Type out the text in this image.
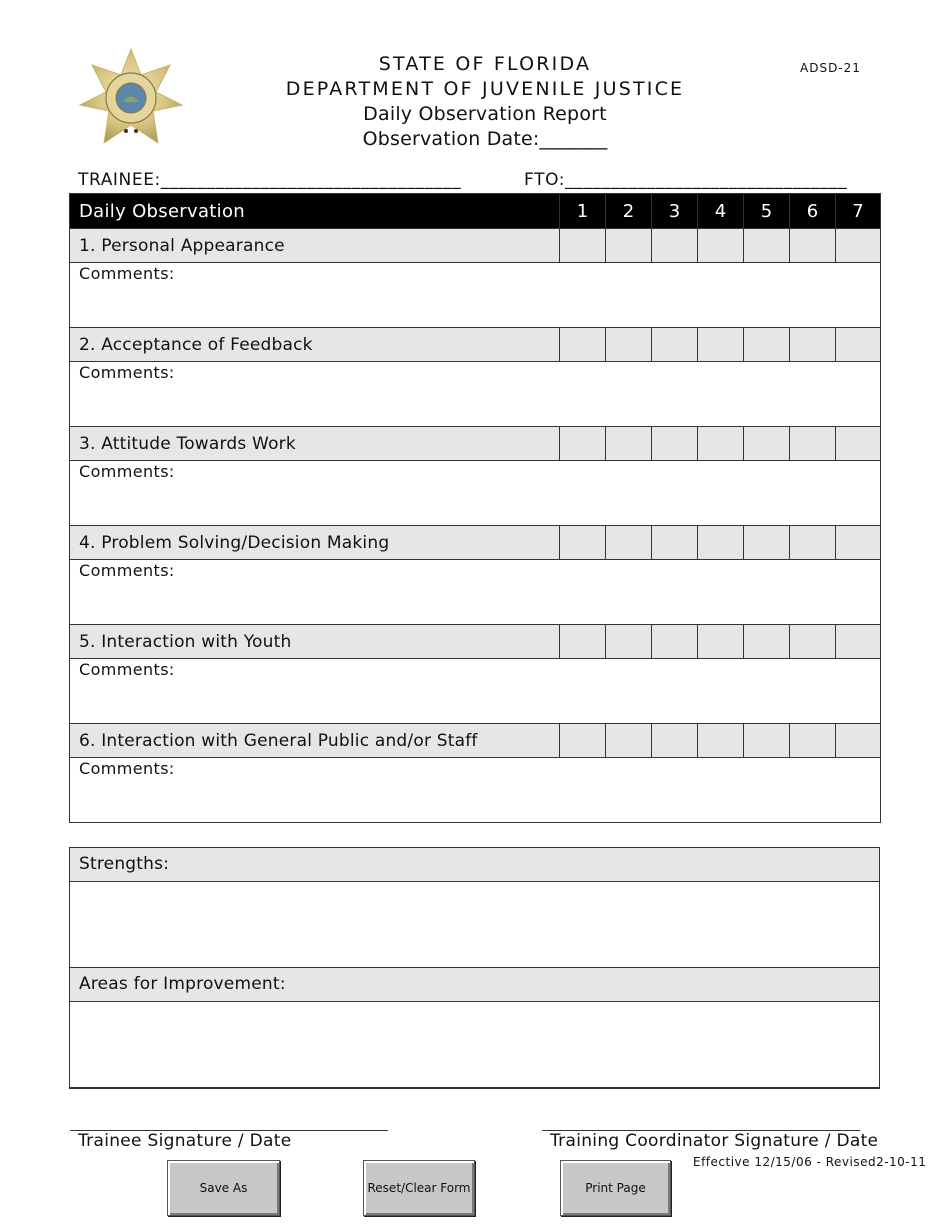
STATE OF FLORIDA
DEPARTMENT OF JUVENILE JUSTICE
Daily Observation Report
Observation Date:_______
ADSD-21
TRAINEE:_________________________________	FTO:_______________________________
Daily Observation	1	2	3	4	5	6	7
1. Personal Appearance							
Comments:							
2. Acceptance of Feedback							
Comments:							
3. Attitude Towards Work							
Comments:							
4. Problem Solving/Decision Making							
Comments:							
5. Interaction with Youth							
Comments:							
6. Interaction with General Public and/or Staff							
Comments:							
Strengths:
Areas for Improvement:
Trainee Signature / Date	Training Coordinator Signature / Date
Effective 12/15/06 - Revised2-10-11
Save As	Reset/Clear Form	Print Page
